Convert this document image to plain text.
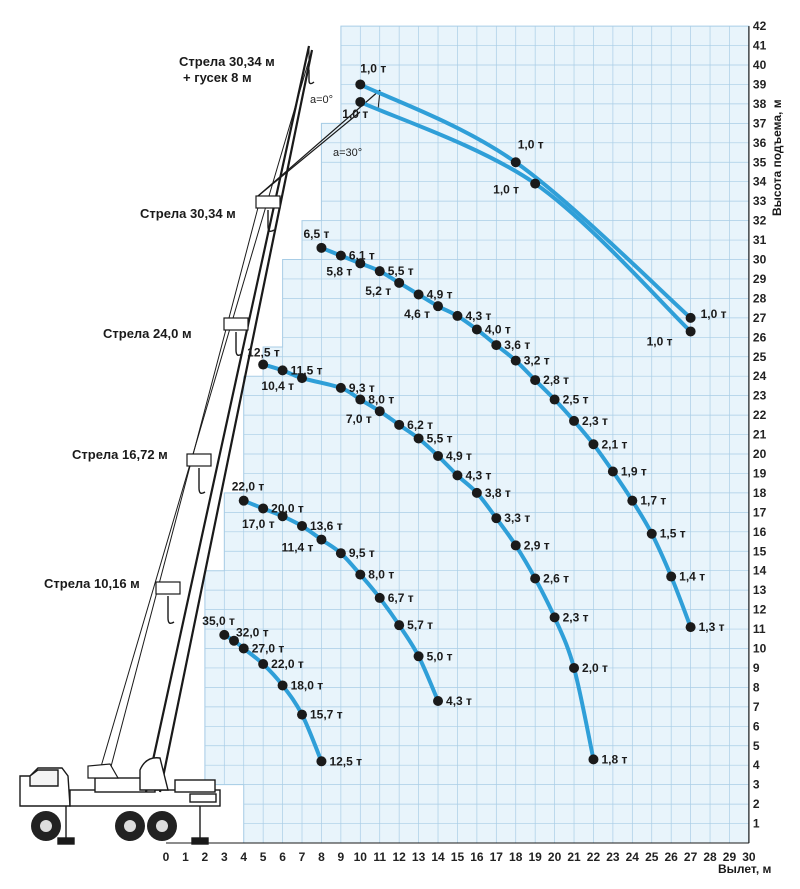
0 1 2 3 4 5 6 7 8 9 10 11 12 13 14 15 16 17 18 19 20 21 22 23 24 25 26 27 28 29 30
1
2
3
4
5
6
7
8
9
10
11
12
13
14
15
16
17
18
19
20
21
22
23
24
25
26
27
28
29
30
31
32
33
34
35
36
37
38
39
40
41
42
35,0 т
32,0 т
27,0 т
22,0 т
18,0 т
15,7 т
12,5 т
22,0 т
20,0 т
17,0 т	13,6 т
11,4 т	9,5 т
8,0 т
6,7 т
5,7 т
5,0 т
4,3 т
12,5 т
11,5 т
10,4 т	9,3 т
8,0 т
7,0 т	6,2 т
5,5 т
4,9 т
4,3 т
3,8 т
3,3 т
2,9 т
2,6 т
2,3 т
2,0 т
1,8 т
6,5 т
6,1 т
5,8 т	5,5 т
5,2 т	4,9 т
4,6 т	4,3 т
4,0 т
3,6 т
3,2 т
2,8 т
2,5 т
2,3 т
2,1 т
1,9 т
1,7 т
1,5 т
1,4 т
1,3 т
1,0 т
1,0 т
1,0 т
1,0 т
1,0 т
1,0 т
Стрела 30,34 м
+ гусек 8 м
Стрела 30,34 м
Стрела 24,0 м
Стрела 16,72 м
Стрела 10,16 м
a=0°
a=30°
Вылет, м
Высота подъема, м
